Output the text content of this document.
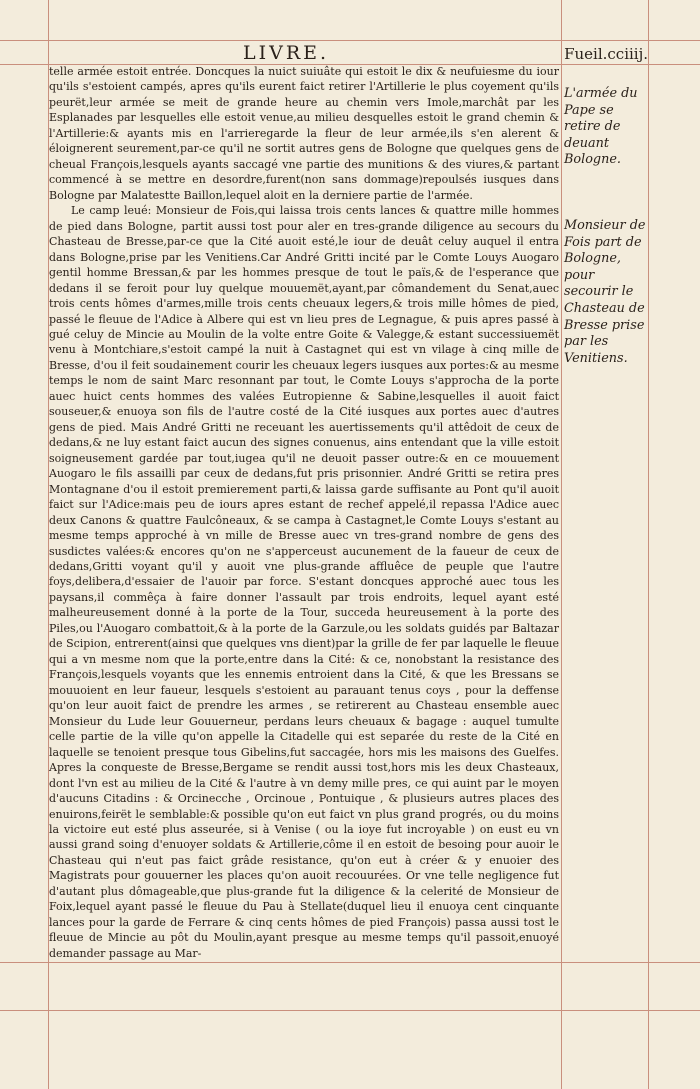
LIVRE.	Fueil.cciiij.

telle armée estoit entrée. Doncques la nuict suiuâte qui estoit le dix & neufuiesme du iour qu'ils s'estoient campés, apres qu'ils eurent faict retirer l'Artillerie le plus coyement qu'ils peurët,leur armée se meit de grande heure au chemin vers Imole,marchât par les Esplanades par lesquelles elle estoit venue,au milieu desquelles estoit le grand chemin & l'Artillerie:& ayants mis en l'arrieregarde la fleur de leur armée,ils s'en alerent & éloignerent seurement,par-ce qu'il ne sortit autres gens de Bologne que quelques gens de cheual François,lesquels ayants saccagé vne partie des munitions & des viures,& partant commencé à se mettre en desordre,furent(non sans dommage)repoulsés iusques dans Bologne par Malatestte Baillon,lequel aloit en la derniere partie de l'armée.

Le camp leué: Monsieur de Fois,qui laissa trois cents lances & quattre mille hommes de pied dans Bologne, partit aussi tost pour aler en tres-grande diligence au secours du Chasteau de Bresse,par-ce que la Cité auoit esté,le iour de deuât celuy auquel il entra dans Bologne,prise par les Venitiens.Car André Gritti incité par le Comte Louys Auogaro gentil homme Bressan,& par les hommes presque de tout le païs,& de l'esperance que dedans il se feroit pour luy quelque mouuemët,ayant,par cômandement du Senat,auec trois cents hômes d'armes,mille trois cents cheuaux legers,& trois mille hômes de pied, passé le fleuue de l'Adice à Albere qui est vn lieu pres de Legnague, & puis apres passé à gué celuy de Mincie au Moulin de la volte entre Goite & Valegge,& estant successiuemët venu à Montchiare,s'estoit campé la nuit à Castagnet qui est vn vilage à cinq mille de Bresse, d'ou il feit soudainement courir les cheuaux legers iusques aux portes:& au mesme temps le nom de saint Marc resonnant par tout, le Comte Louys s'approcha de la porte auec huict cents hommes des valées Eutropienne & Sabine,lesquelles il auoit faict souseuer,& enuoya son fils de l'autre costé de la Cité iusques aux portes auec d'autres gens de pied. Mais André Gritti ne receuant les auertissements qu'il attêdoit de ceux de dedans,& ne luy estant faict aucun des signes conuenus, ains entendant que la ville estoit soigneusement gardée par tout,iugea qu'il ne deuoit passer outre:& en ce mouuement Auogaro le fils assailli par ceux de dedans,fut pris prisonnier. André Gritti se retira pres Montagnane d'ou il estoit premierement parti,& laissa garde suffisante au Pont qu'il auoit faict sur l'Adice:mais peu de iours apres estant de rechef appelé,il repassa l'Adice auec deux Canons & quattre Faulcôneaux, & se campa à Castagnet,le Comte Louys s'estant au mesme temps approché à vn mille de Bresse auec vn tres-grand nombre de gens des susdictes valées:& encores qu'on ne s'apperceust aucunement de la faueur de ceux de dedans,Gritti voyant qu'il y auoit vne plus-grande affluêce de peuple que l'autre foys,delibera,d'essaier de l'auoir par force. S'estant doncques approché auec tous les paysans,il commêça à faire donner l'assault par trois endroits, lequel ayant esté malheureusement donné à la porte de la Tour, succeda heureusement à la porte des Piles,ou l'Auogaro combattoit,& à la porte de la Garzule,ou les soldats guidés par Baltazar de Scipion, entrerent(ainsi que quelques vns dient)par la grille de fer par laquelle le fleuue qui a vn mesme nom que la porte,entre dans la Cité: & ce, nonobstant la resistance des François,lesquels voyants que les ennemis entroient dans la Cité, & que les Bressans se mouuoient en leur faueur, lesquels s'estoient au parauant tenus coys , pour la deffense qu'on leur auoit faict de prendre les armes , se retirerent au Chasteau ensemble auec Monsieur du Lude leur Gouuerneur, perdans leurs cheuaux & bagage : auquel tumulte celle partie de la ville qu'on appelle la Citadelle qui est separée du reste de la Cité en laquelle se tenoient presque tous Gibelins,fut saccagée, hors mis les maisons des Guelfes. Apres la conqueste de Bresse,Bergame se rendit aussi tost,hors mis les deux Chasteaux, dont l'vn est au milieu de la Cité & l'autre à vn demy mille pres, ce qui auint par le moyen d'aucuns Citadins : & Orcinecche , Orcinoue , Pontuique , & plusieurs autres places des enuirons,feirët le semblable:& possible qu'on eut faict vn plus grand progrés, ou du moins la victoire eut esté plus asseurée, si à Venise ( ou la ioye fut incroyable ) on eust eu vn aussi grand soing d'enuoyer soldats & Artillerie,côme il en estoit de besoing pour auoir le Chasteau qui n'eut pas faict grâde resistance, qu'on eut à créer & y enuoier des Magistrats pour gouuerner les places qu'on auoit recouurées. Or vne telle negligence fut d'autant plus dômageable,que plus-grande fut la diligence & la celerité de Monsieur de Foix,lequel ayant passé le fleuue du Pau à Stellate(duquel lieu il enuoya cent cinquante lances pour la garde de Ferrare & cinq cents hômes de pied François) passa aussi tost le fleuue de Mincie au pôt du Moulin,ayant presque au mesme temps qu'il passoit,enuoyé demander passage au Mar-

L'armée du Pape se retire de deuant Bologne.

Monsieur de Fois part de Bologne, pour secourir le Chasteau de Bresse prise par les Venitiens.
